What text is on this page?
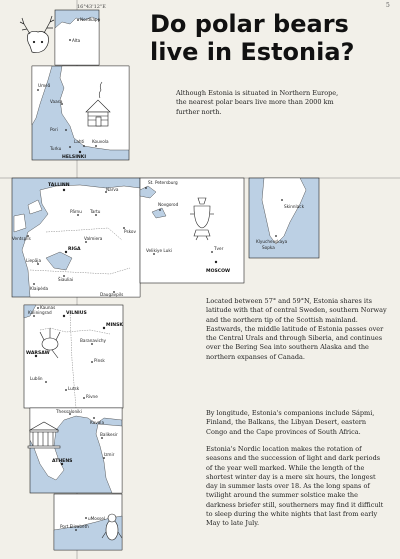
5
16°43'12"E
Do polar bears live in Estonia?

Although Estonia is situated in Northern Europe, the nearest polar bears live more than 2000 km further north.

Located between 57° and 59°N, Estonia shares its latitude with that of central Sweden, southern Norway and the northern tip of the Scottish mainland. Eastwards, the middle latitude of Estonia passes over the Central Urals and through Siberia, and continues over the Bering Sea into southern Alaska and the northern expanses of Canada.

By longitude, Estonia's companions include Sápmi, Finland, the Balkans, the Libyan Desert, eastern Congo and the Cape provinces of South Africa.

Estonia's Nordic location makes the rotation of seasons and the succession of light and dark periods of the year well marked. While the length of the shortest winter day is a mere six hours, the longest day in summer lasts over 18. As the long spans of twilight around the summer solstice make the darkness briefer still, southerners may find it difficult to sleep during the white nights that last from early May to late July.

Nordkapp
Alta
Umeå
Vaasa
Pori
Turku
Lahti Kouvola
HELSINKI
TALLINN
Narva
Pärnu Tartu
Pskov
Ventspils
RIGA
Valmiera
Liepāja
Šiauliai
Daugavpils
Klaipėda
St. Petersburg
Novgorod
Velikiye Luki	Tver
MOSCOW
Skinnlack
Klyuchevskaya
Sopka
Kaunas
Kaliningrad	VILNIUS
MINSK
Baranavichy
WARSAW
Pinsk
Lublin
Lutsk
Rivne
Thessaloniki
Kavala
Balikesir
ATHENS
Izmir
uMossel
Port Elizabeth
